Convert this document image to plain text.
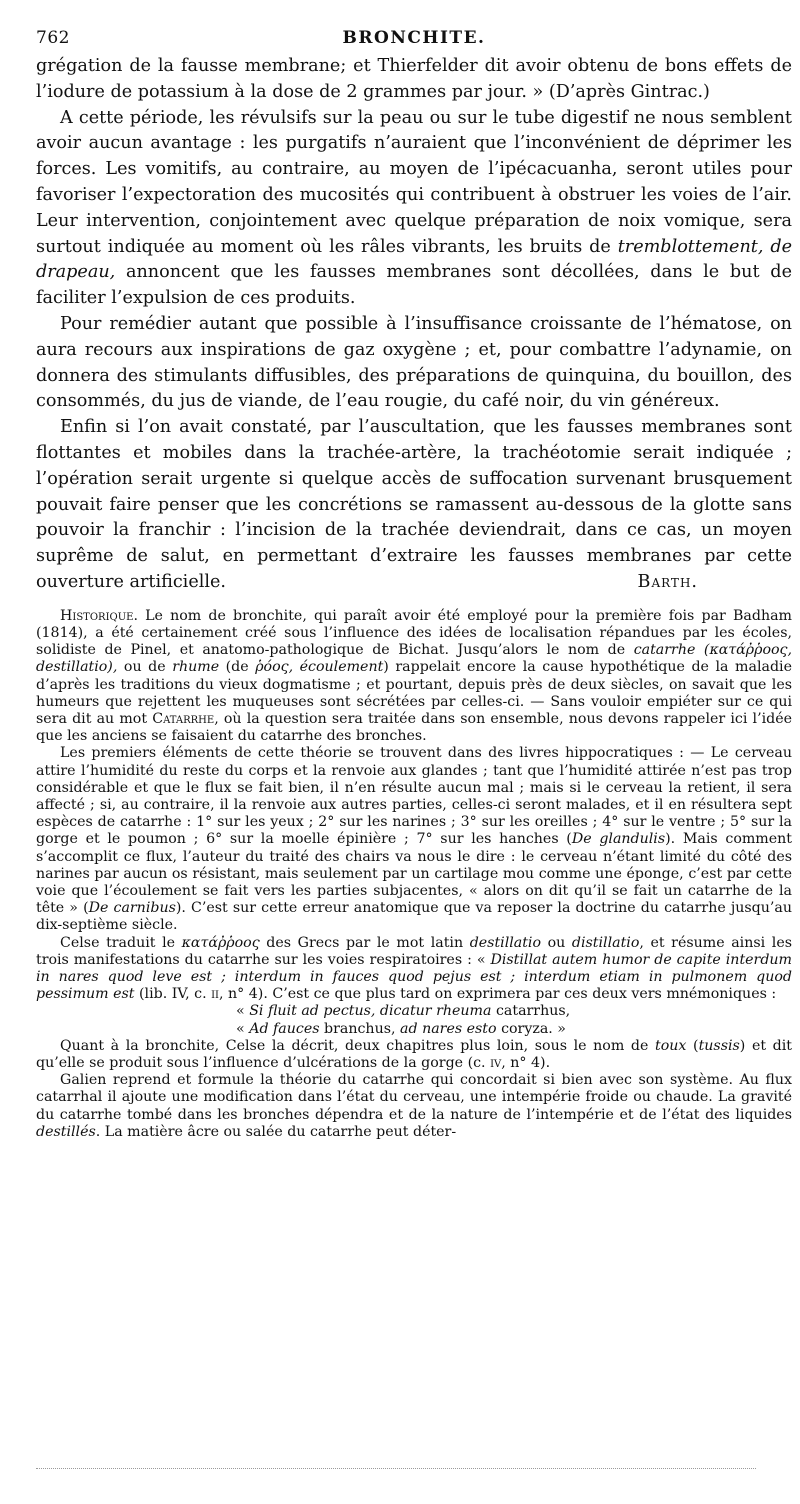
762	BRONCHITE.

grégation de la fausse membrane; et Thierfelder dit avoir obtenu de bons effets de l’iodure de potassium à la dose de 2 grammes par jour. » (D’après Gintrac.)

A cette période, les révulsifs sur la peau ou sur le tube digestif ne nous semblent avoir aucun avantage : les purgatifs n’auraient que l’inconvénient de déprimer les forces. Les vomitifs, au contraire, au moyen de l’ipécacuanha, seront utiles pour favoriser l’expectoration des mucosités qui contribuent à obstruer les voies de l’air. Leur intervention, conjointement avec quelque préparation de noix vomique, sera surtout indiquée au moment où les râles vibrants, les bruits de tremblottement, de drapeau, annoncent que les fausses membranes sont décollées, dans le but de faciliter l’expulsion de ces produits.

Pour remédier autant que possible à l’insuffisance croissante de l’hématose, on aura recours aux inspirations de gaz oxygène ; et, pour combattre l’adynamie, on donnera des stimulants diffusibles, des préparations de quinquina, du bouillon, des consommés, du jus de viande, de l’eau rougie, du café noir, du vin généreux.

Enfin si l’on avait constaté, par l’auscultation, que les fausses membranes sont flottantes et mobiles dans la trachée-artère, la trachéotomie serait indiquée ; l’opération serait urgente si quelque accès de suffocation survenant brusquement pouvait faire penser que les concrétions se ramassent au-dessous de la glotte sans pouvoir la franchir : l’incision de la trachée deviendrait, dans ce cas, un moyen suprême de salut, en permettant d’extraire les fausses membranes par cette ouverture artificielle.	Barth.

Historique. Le nom de bronchite, qui paraît avoir été employé pour la première fois par Badham (1814), a été certainement créé sous l’influence des idées de localisation répandues par les écoles, solidiste de Pinel, et anatomo-pathologique de Bichat. Jusqu’alors le nom de catarrhe (κατάῤῥοος, destillatio), ou de rhume (de ῥόος, écoulement) rappelait encore la cause hypothétique de la maladie d’après les traditions du vieux dogmatisme ; et pourtant, depuis près de deux siècles, on savait que les humeurs que rejettent les muqueuses sont sécrétées par celles-ci. — Sans vouloir empiéter sur ce qui sera dit au mot Catarrhe, où la question sera traitée dans son ensemble, nous devons rappeler ici l’idée que les anciens se faisaient du catarrhe des bronches.

Les premiers éléments de cette théorie se trouvent dans des livres hippocratiques : — Le cerveau attire l’humidité du reste du corps et la renvoie aux glandes ; tant que l’humidité attirée n’est pas trop considérable et que le flux se fait bien, il n’en résulte aucun mal ; mais si le cerveau la retient, il sera affecté ; si, au contraire, il la renvoie aux autres parties, celles-ci seront malades, et il en résultera sept espèces de catarrhe : 1° sur les yeux ; 2° sur les narines ; 3° sur les oreilles ; 4° sur le ventre ; 5° sur la gorge et le poumon ; 6° sur la moelle épinière ; 7° sur les hanches (De glandulis). Mais comment s’accomplit ce flux, l’auteur du traité des chairs va nous le dire : le cerveau n’étant limité du côté des narines par aucun os résistant, mais seulement par un cartilage mou comme une éponge, c’est par cette voie que l’écoulement se fait vers les parties subjacentes, « alors on dit qu’il se fait un catarrhe de la tête » (De carnibus). C’est sur cette erreur anatomique que va reposer la doctrine du catarrhe jusqu’au dix-septième siècle.

Celse traduit le κατάῤῥοος des Grecs par le mot latin destillatio ou distillatio, et résume ainsi les trois manifestations du catarrhe sur les voies respiratoires : « Distillat autem humor de capite interdum in nares quod leve est ; interdum in fauces quod pejus est ; interdum etiam in pulmonem quod pessimum est (lib. IV, c. ii, n° 4). C’est ce que plus tard on exprimera par ces deux vers mnémoniques :

« Si fluit ad pectus, dicatur rheuma catarrhus,

« Ad fauces branchus, ad nares esto coryza. »

Quant à la bronchite, Celse la décrit, deux chapitres plus loin, sous le nom de toux (tussis) et dit qu’elle se produit sous l’influence d’ulcérations de la gorge (c. iv, n° 4).

Galien reprend et formule la théorie du catarrhe qui concordait si bien avec son système. Au flux catarrhal il ajoute une modification dans l’état du cerveau, une intempérie froide ou chaude. La gravité du catarrhe tombé dans les bronches dépendra et de la nature de l’intempérie et de l’état des liquides destillés. La matière âcre ou salée du catarrhe peut déter-
